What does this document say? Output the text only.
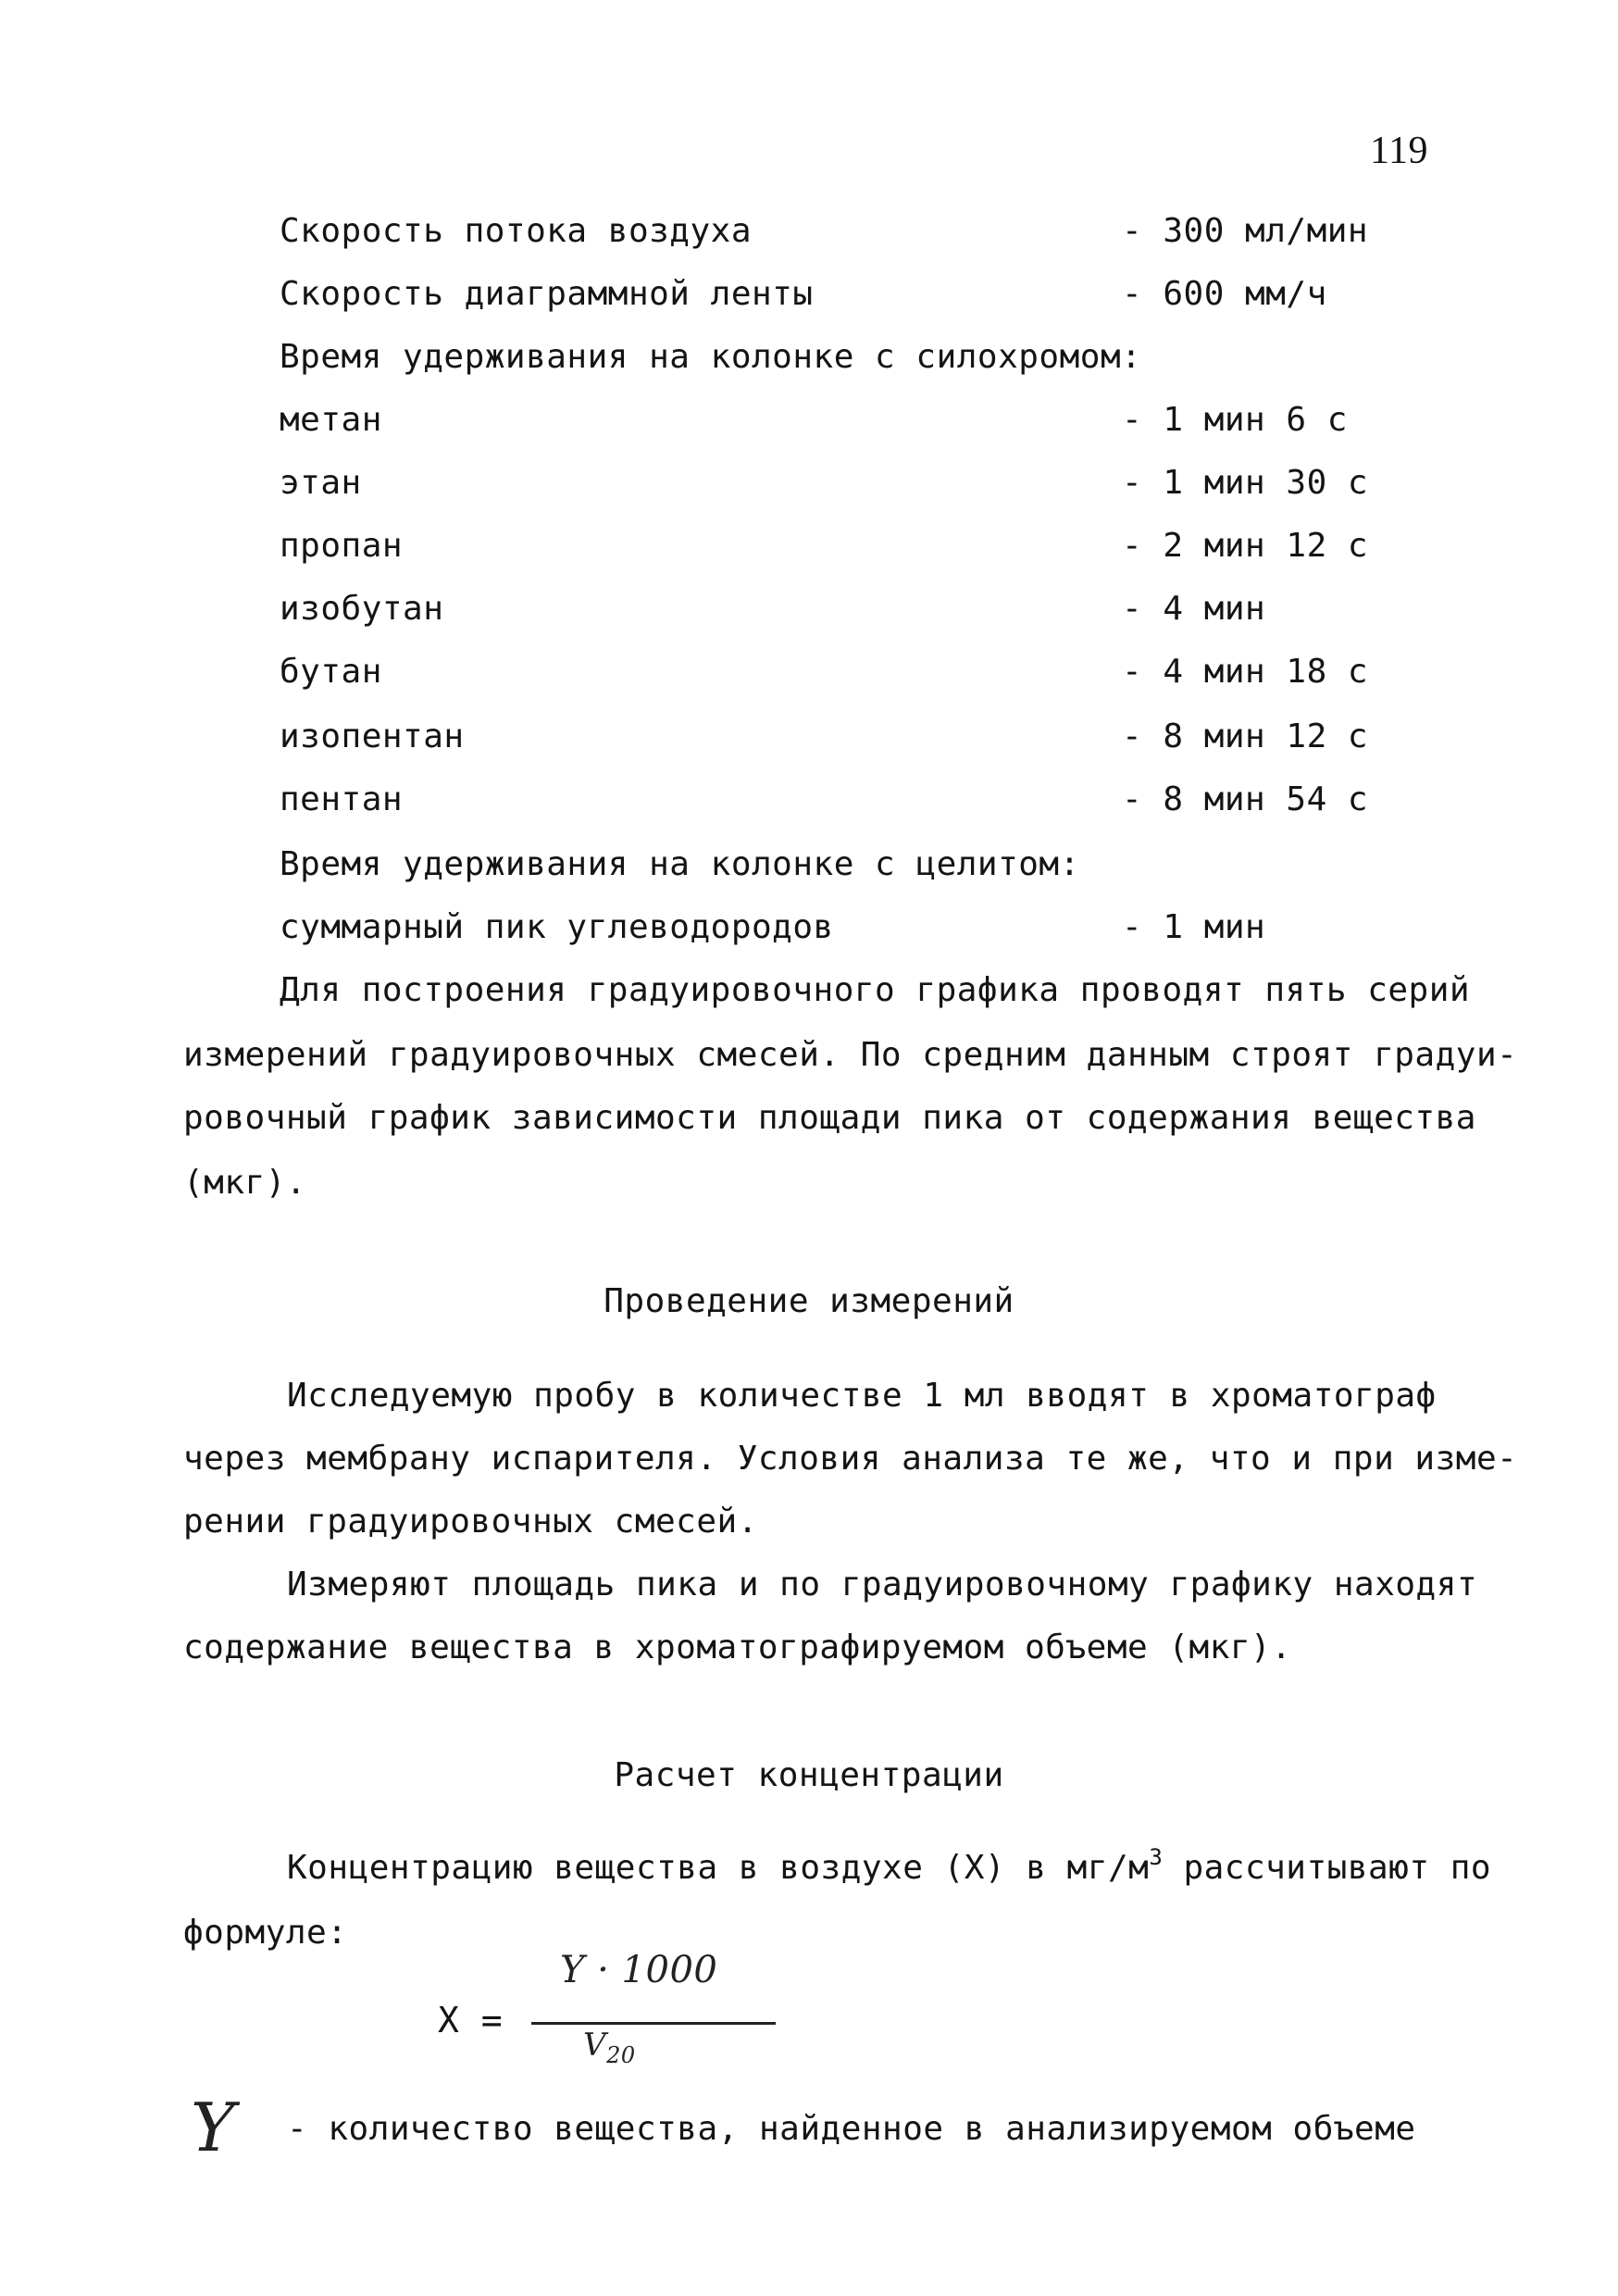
119
Скорость потока воздуха	- 300 мл/мин
Скорость диаграммной ленты	- 600 мм/ч
Время удерживания на колонке с силохромом:
метан	- 1 мин 6 с
этан	- 1 мин 30 с
пропан	- 2 мин 12 с
изобутан	- 4 мин
бутан	- 4 мин 18 с
изопентан	- 8 мин 12 с
пентан	- 8 мин 54 с
Время удерживания на колонке с целитом:
суммарный пик углеводородов	- 1 мин
Для построения градуировочного графика проводят пять серий
измерений градуировочных смесей. По средним данным строят градуи-
ровочный график зависимости площади пика от содержания вещества
(мкг).
Проведение измерений
Исследуемую пробу в количестве 1 мл вводят в хроматограф
через мембрану испарителя. Условия анализа те же, что и при изме-
рении градуировочных смесей.
Измеряют площадь пика и по градуировочному графику находят
содержание вещества в хроматографируемом объеме (мкг).
Расчет концентрации
Концентрацию вещества в воздухе (X) в $мг/м^3$ рассчитывают по
формуле:
X =
Y · 1000
$V_{20}$
Y - количество вещества, найденное в анализируемом объеме
